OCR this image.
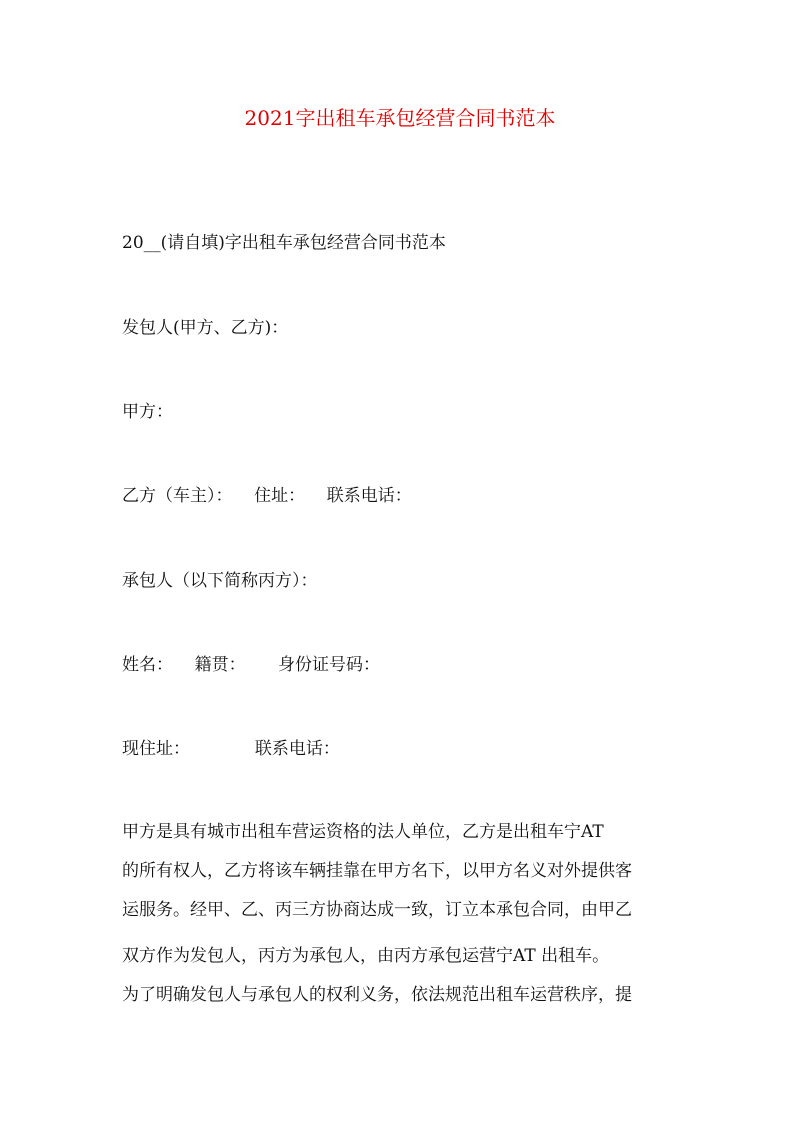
2021字出租车承包经营合同书范本
20__(请自填)字出租车承包经营合同书范本
发包人(甲方、乙方)：
甲方：
乙方（车主）：    住址：    联系电话：
承包人（以下简称丙方）：
姓名：    籍贯：      身份证号码：
现住址：            联系电话：
甲方是具有城市出租车营运资格的法人单位，乙方是出租车宁AT
的所有权人，乙方将该车辆挂靠在甲方名下，以甲方名义对外提供客
运服务。经甲、乙、丙三方协商达成一致，订立本承包合同，由甲乙
双方作为发包人，丙方为承包人，由丙方承包运营宁AT 出租车。
为了明确发包人与承包人的权利义务，依法规范出租车运营秩序，提
